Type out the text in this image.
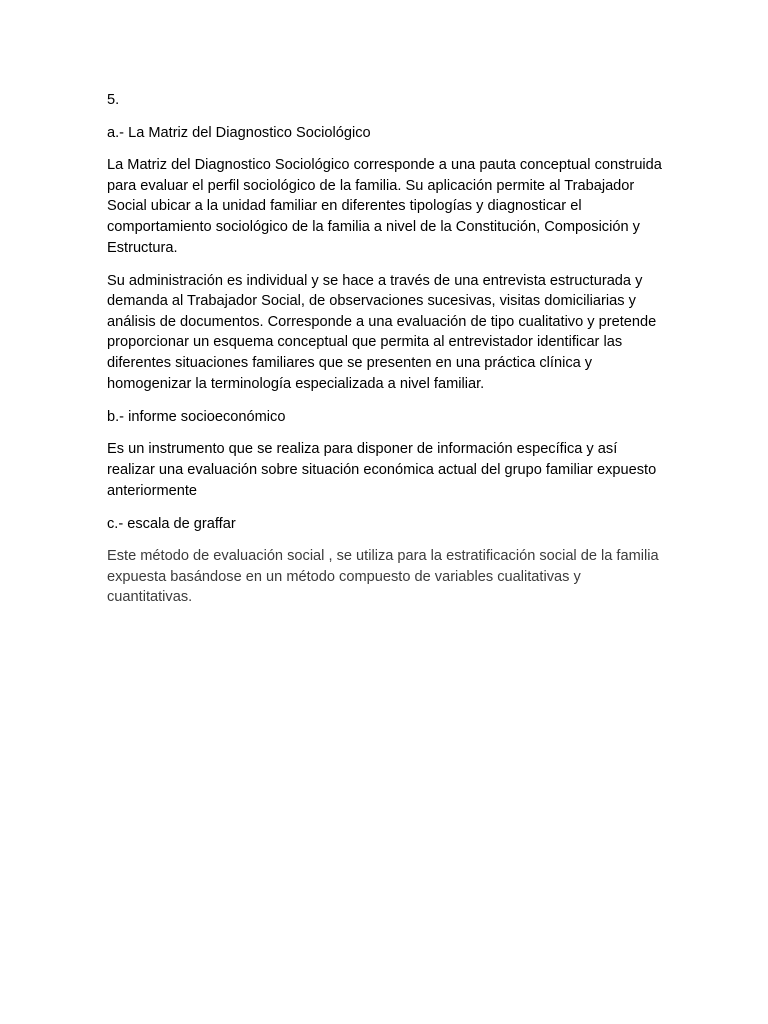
5.

a.- La Matriz del Diagnostico Sociológico

La Matriz del Diagnostico Sociológico corresponde a una pauta conceptual construida para evaluar el perfil sociológico de la familia. Su aplicación permite al Trabajador Social ubicar a la unidad familiar en diferentes tipologías y diagnosticar el comportamiento sociológico de la familia a nivel de la Constitución, Composición y Estructura.

Su administración es individual y se hace a través de una entrevista estructurada y demanda al Trabajador Social, de observaciones sucesivas, visitas domiciliarias y análisis de documentos. Corresponde a una evaluación de tipo cualitativo y pretende proporcionar un esquema conceptual que permita al entrevistador identificar las diferentes situaciones familiares que se presenten en una práctica clínica y homogenizar la terminología especializada a nivel familiar.

b.- informe socioeconómico

Es un instrumento que se realiza para disponer de información específica y así realizar una evaluación sobre situación económica actual del grupo familiar expuesto anteriormente

c.- escala de graffar

Este método de evaluación social , se utiliza para la estratificación social de la familia expuesta basándose en un método compuesto de variables cualitativas y cuantitativas.
